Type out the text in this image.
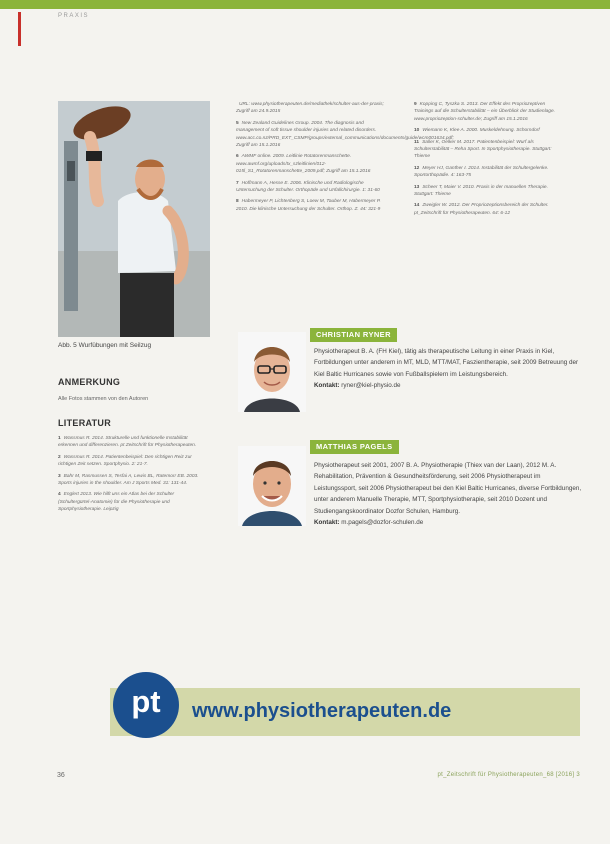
PRAXIS
Abb. 5 Wurfübungen mit Seilzug
ANMERKUNG
Alle Fotos stammen von den Autoren
LITERATUR

1 Wassmus R. 2014. Strukturelle und funktionelle Instabilität erkennen und differenzieren. pt Zeitschrift für Physiotherapeuten.

2 Wassmus R. 2014. Patientenbeispiel: Den richtigen Reiz zur richtigen Zeit setzen. Sportphysio. 2: 21-7.

3 Bahr M, Rasmussen S, Tesfai A, Lewis BL, Ratemorr EB. 2003. Sports injuries in the shoulder. Am J Sports Med. 31: 131-44.

4 Englert 2013. Wie hilft uns ein Atlas bei der Schulter (Schultergürtel-Anatomie) für die Physiotherapie und Sportphysiotherapie. Leipzig

URL: www.physiotherapeuten.de/mediathek/schulter-aus-der-praxis; Zugriff am 24.9.2015

5 New Zealand Guidelines Group. 2004. The diagnosis and management of soft tissue shoulder injuries and related disorders. www.acc.co.nz/PRD_EXT_CSMP/groups/external_communications/documents/guide/wcm001634.pdf; Zugriff am 15.1.2016

6 AWMF online. 2009. Leitlinie Rotatorenmanschette. www.awmf.org/uploads/tx_szleitlinien/012-015l_S1_Rotatorenmanschette_2009.pdf; Zugriff am 15.1.2016

7 Hoffmann A, Hesse E. 2006. Klinische und Radiologische Untersuchung der Schulter. Orthopäde und Unfallchirurgie. 1: 31-60

8 Habermeyer P, Lichtenberg S, Loew M, Tauber M, Habermeyer P. 2010. Die klinische Untersuchung der Schulter. Orthop. Z. 44: 321-9

9 Kopping C, Tyszka S. 2013. Der Effekt des Propriozeptiven Trainings auf die Schulterstabilität – ein Überblick der Studienlage. www.propriozeption-schulter.de; Zugriff am 15.1.2016

10 Wiemann K, Klee A. 2000. Muskeldehnung. Schorndorf

11 Saller K, Oelker M. 2017. Patientenbeispiel: Wurf als Schulterstabilität – Reha Sport. In Sportphysiotherapie. Stuttgart: Thieme

12 Meyer HJ, Ganther I. 2014. Instabilität der Schultergelenke. Sportorthopädie. 4: 163-75

13 Scheer T, Maier V. 2010. Praxis in der manuellen Therapie. Stuttgart: Thieme

14 Zweigler W. 2012. Der Propriozeptionsbereich der Schulter. pt_Zeitschrift für Physiotherapeuten. 64: 6-12

CHRISTIAN RYNER
Physiotherapeut B. A. (FH Kiel), tätig als therapeutische Leitung in einer Praxis in Kiel, Fortbildungen unter anderem in MT, MLD, MTT/MAT, Faszientherapie, seit 2009 Betreuung der Kiel Baltic Hurricanes sowie von Fußballspielern im Leistungsbereich.
Kontakt: ryner@kiel-physio.de
MATTHIAS PAGELS
Physiotherapeut seit 2001, 2007 B. A. Physiotherapie (Thiex van der Laan), 2012 M. A. Rehabilitation, Prävention & Gesundheitsförderung, seit 2006 Physiotherapeut im Leistungssport, seit 2006 Physiotherapeut bei den Kiel Baltic Hurricanes, diverse Fortbildungen, unter anderem Manuelle Therapie, MTT, Sportphysiotherapie, seit 2010 Dozent und Studiengangskoordinator Dozfor Schulen, Hamburg.
Kontakt: m.pagels@dozfor-schulen.de
pt	www.physiotherapeuten.de
36	pt_Zeitschrift für Physiotherapeuten_68 [2016] 3
